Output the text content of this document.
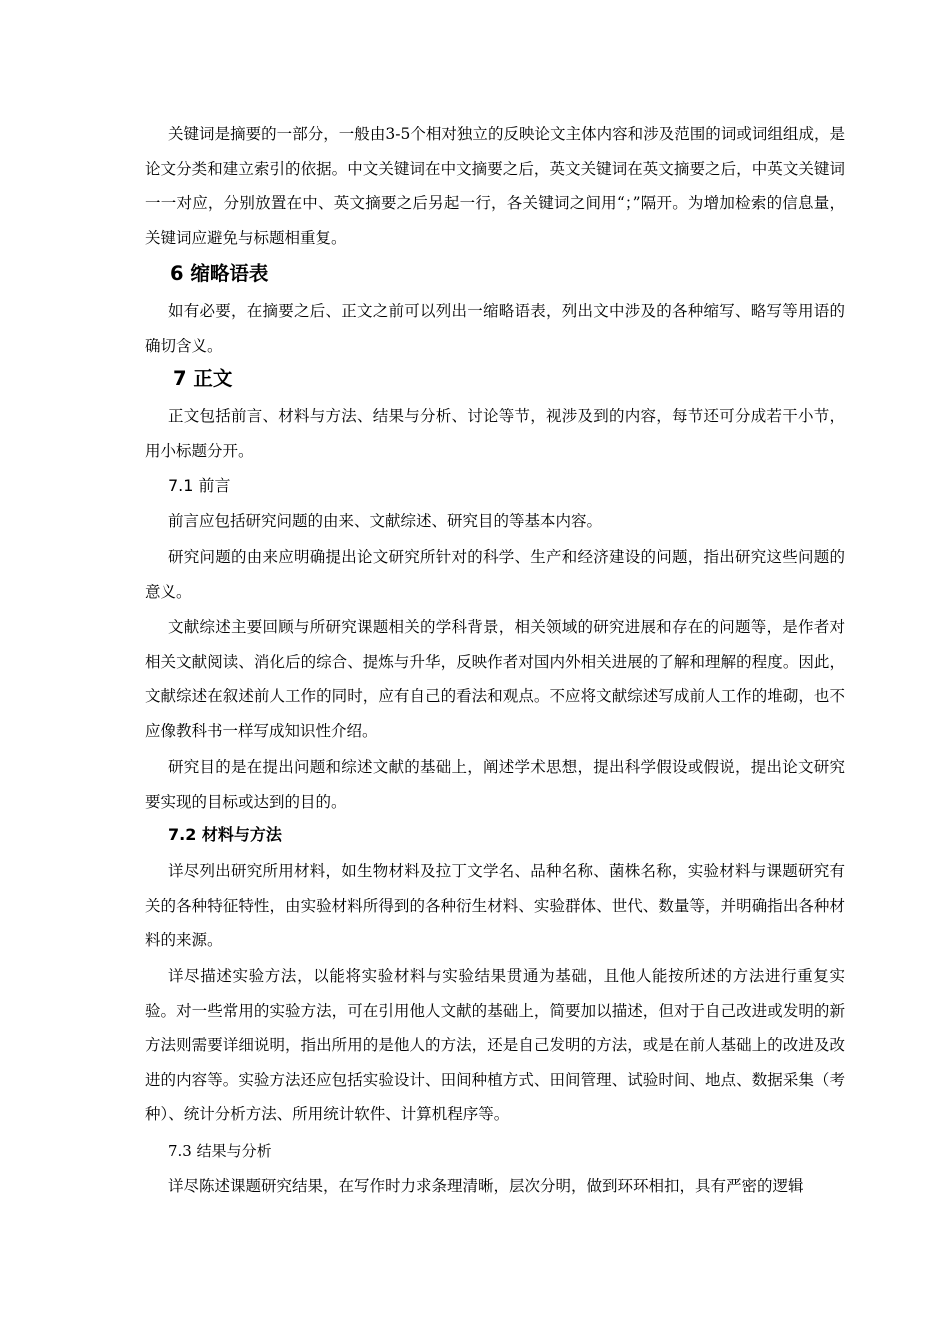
关键词是摘要的一部分，一般由3-5个相对独立的反映论文主体内容和涉及范围的词或词组组成，是论文分类和建立索引的依据。中文关键词在中文摘要之后，英文关键词在英文摘要之后，中英文关键词一一对应，分别放置在中、英文摘要之后另起一行，各关键词之间用“；”隔开。为增加检索的信息量，关键词应避免与标题相重复。

6 缩略语表

如有必要，在摘要之后、正文之前可以列出一缩略语表，列出文中涉及的各种缩写、略写等用语的确切含义。

7 正文

正文包括前言、材料与方法、结果与分析、讨论等节，视涉及到的内容，每节还可分成若干小节，用小标题分开。

7.1 前言

前言应包括研究问题的由来、文献综述、研究目的等基本内容。

研究问题的由来应明确提出论文研究所针对的科学、生产和经济建设的问题，指出研究这些问题的意义。

文献综述主要回顾与所研究课题相关的学科背景，相关领域的研究进展和存在的问题等，是作者对相关文献阅读、消化后的综合、提炼与升华，反映作者对国内外相关进展的了解和理解的程度。因此，文献综述在叙述前人工作的同时，应有自己的看法和观点。不应将文献综述写成前人工作的堆砌，也不应像教科书一样写成知识性介绍。

研究目的是在提出问题和综述文献的基础上，阐述学术思想，提出科学假设或假说，提出论文研究要实现的目标或达到的目的。

7.2 材料与方法

详尽列出研究所用材料，如生物材料及拉丁文学名、品种名称、菌株名称，实验材料与课题研究有关的各种特征特性，由实验材料所得到的各种衍生材料、实验群体、世代、数量等，并明确指出各种材料的来源。

详尽描述实验方法，以能将实验材料与实验结果贯通为基础，且他人能按所述的方法进行重复实验。对一些常用的实验方法，可在引用他人文献的基础上，简要加以描述，但对于自己改进或发明的新方法则需要详细说明，指出所用的是他人的方法，还是自己发明的方法，或是在前人基础上的改进及改进的内容等。实验方法还应包括实验设计、田间种植方式、田间管理、试验时间、地点、数据采集（考种）、统计分析方法、所用统计软件、计算机程序等。

7.3 结果与分析

详尽陈述课题研究结果，在写作时力求条理清晰，层次分明，做到环环相扣，具有严密的逻辑
